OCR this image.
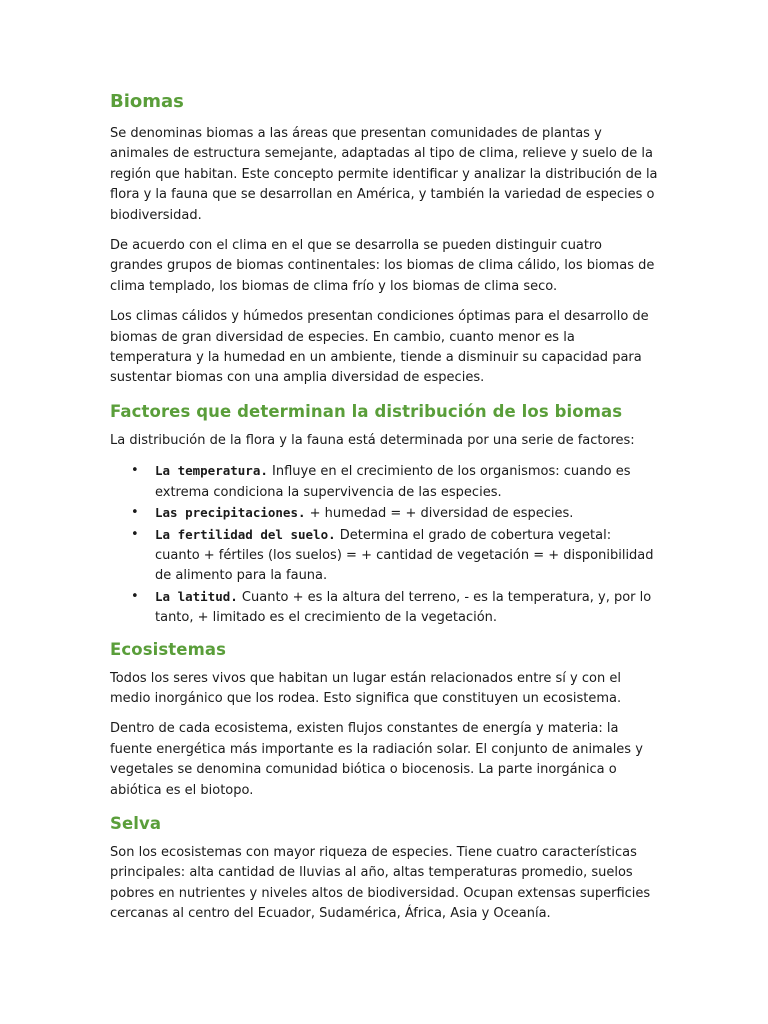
Biomas

Se denominas biomas a las áreas que presentan comunidades de plantas y animales de estructura semejante, adaptadas al tipo de clima, relieve y suelo de la región que habitan. Este concepto permite identificar y analizar la distribución de la flora y la fauna que se desarrollan en América, y también la variedad de especies o biodiversidad.

De acuerdo con el clima en el que se desarrolla se pueden distinguir cuatro grandes grupos de biomas continentales: los biomas de clima cálido, los biomas de clima templado, los biomas de clima frío y los biomas de clima seco.

Los climas cálidos y húmedos presentan condiciones óptimas para el desarrollo de biomas de gran diversidad de especies. En cambio, cuanto menor es la temperatura y la humedad en un ambiente, tiende a disminuir su capacidad para sustentar biomas con una amplia diversidad de especies.

Factores que determinan la distribución de los biomas

La distribución de la flora y la fauna está determinada por una serie de factores:

• La temperatura. Influye en el crecimiento de los organismos: cuando es extrema condiciona la supervivencia de las especies.
• Las precipitaciones. + humedad = + diversidad de especies.
• La fertilidad del suelo. Determina el grado de cobertura vegetal: cuanto + fértiles (los suelos) = + cantidad de vegetación = + disponibilidad de alimento para la fauna.
• La latitud. Cuanto + es la altura del terreno, - es la temperatura, y, por lo tanto, + limitado es el crecimiento de la vegetación.
Ecosistemas

Todos los seres vivos que habitan un lugar están relacionados entre sí y con el medio inorgánico que los rodea. Esto significa que constituyen un ecosistema.

Dentro de cada ecosistema, existen flujos constantes de energía y materia: la fuente energética más importante es la radiación solar. El conjunto de animales y vegetales se denomina comunidad biótica o biocenosis. La parte inorgánica o abiótica es el biotopo.

Selva

Son los ecosistemas con mayor riqueza de especies. Tiene cuatro características principales: alta cantidad de lluvias al año, altas temperaturas promedio, suelos pobres en nutrientes y niveles altos de biodiversidad. Ocupan extensas superficies cercanas al centro del Ecuador, Sudamérica, África, Asia y Oceanía.
